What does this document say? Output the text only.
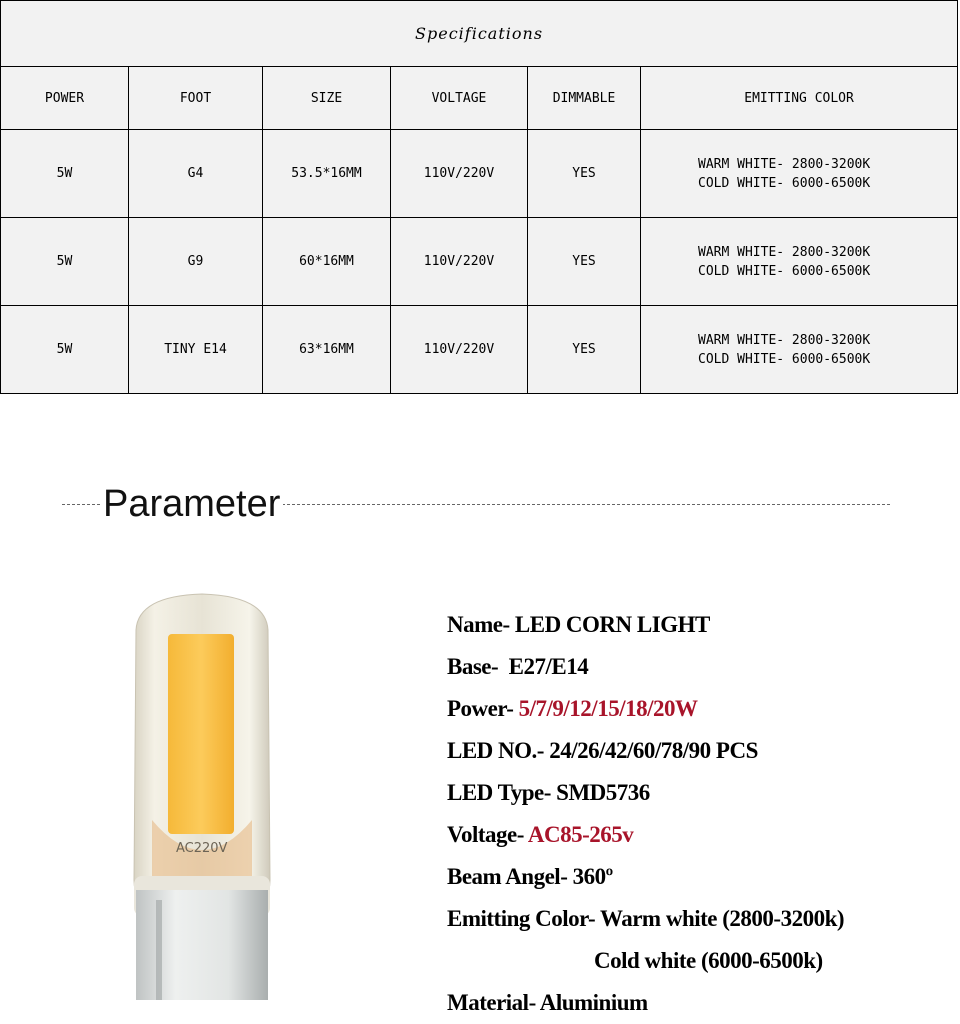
Specifications					
POWER	FOOT	SIZE	VOLTAGE	DIMMABLE	EMITTING COLOR
5W	G4	53.5*16MM	110V/220V	YES	WARM WHITE- 2800-3200K
COLD WHITE- 6000-6500K

5W	G9	60*16MM	110V/220V	YES	WARM WHITE- 2800-3200K
COLD WHITE- 6000-6500K

5W	TINY E14	63*16MM	110V/220V	YES	WARM WHITE- 2800-3200K
COLD WHITE- 6000-6500K
Parameter
AC220V
Name- LED CORN LIGHT
Base-  E27/E14
Power- 5/7/9/12/15/18/20W
LED NO.- 24/26/42/60/78/90 PCS
LED Type- SMD5736
Voltage- AC85-265v
Beam Angel- 360º
Emitting Color- Warm white (2800-3200k)
Cold white (6000-6500k)
Material- Aluminium
